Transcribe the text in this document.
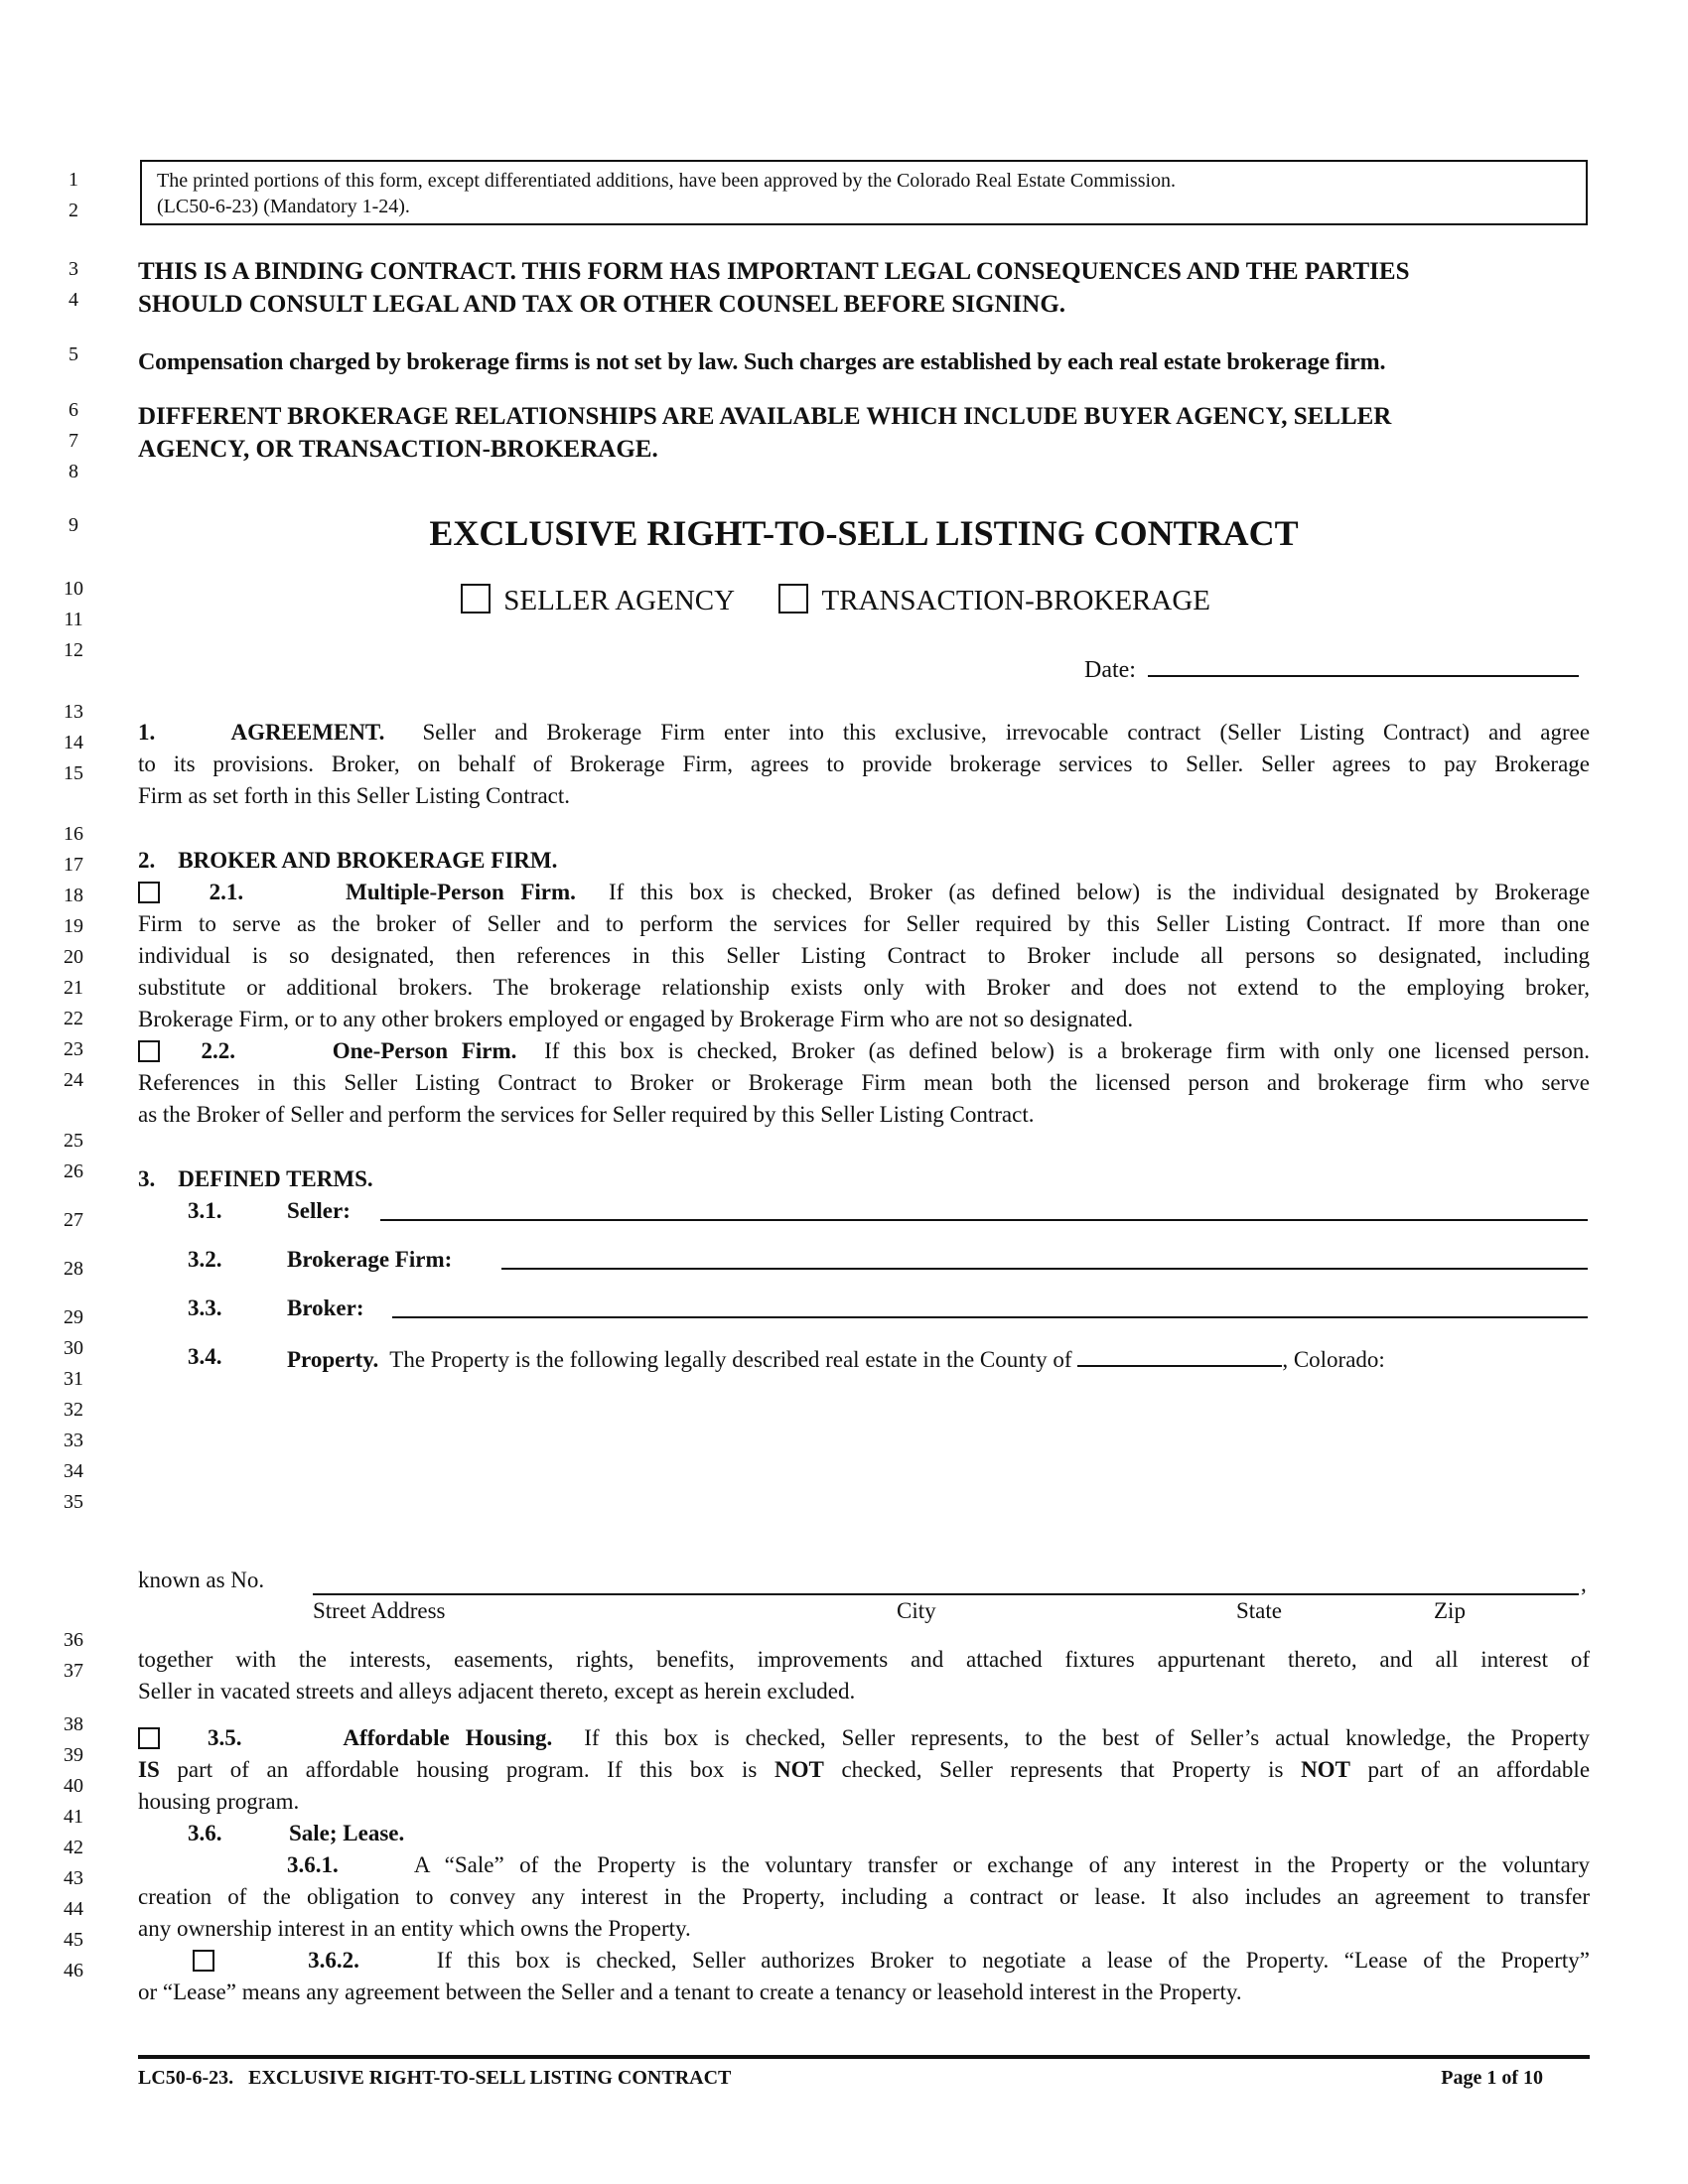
1
2
3
4
5
6
7
8
9
10
11
12
13
14
15
16
17
18
19
20
21
22
23
24
25
26
27
28
29
30
31
32
33
34
35
36
37
38
39
40
41
42
43
44
45
46
The printed portions of this form, except differentiated additions, have been approved by the Colorado Real Estate Commission.
(LC50-6-23) (Mandatory 1-24).
THIS IS A BINDING CONTRACT. THIS FORM HAS IMPORTANT LEGAL CONSEQUENCES AND THE PARTIES
SHOULD CONSULT LEGAL AND TAX OR OTHER COUNSEL BEFORE SIGNING.
Compensation charged by brokerage firms is not set by law. Such charges are established by each real estate brokerage firm.
DIFFERENT BROKERAGE RELATIONSHIPS ARE AVAILABLE WHICH INCLUDE BUYER AGENCY, SELLER
AGENCY, OR TRANSACTION-BROKERAGE.
EXCLUSIVE RIGHT-TO-SELL LISTING CONTRACT
SELLER AGENCY	TRANSACTION-BROKERAGE
Date:
1.	AGREEMENT. Seller and Brokerage Firm enter into this exclusive, irrevocable contract (Seller Listing Contract) and agree
to its provisions. Broker, on behalf of Brokerage Firm, agrees to provide brokerage services to Seller. Seller agrees to pay Brokerage
Firm as set forth in this Seller Listing Contract.
2.    BROKER AND BROKERAGE FIRM.
2.1.	Multiple-Person Firm. If this box is checked, Broker (as defined below) is the individual designated by Brokerage
Firm to serve as the broker of Seller and to perform the services for Seller required by this Seller Listing Contract. If more than one
individual is so designated, then references in this Seller Listing Contract to Broker include all persons so designated, including
substitute or additional brokers. The brokerage relationship exists only with Broker and does not extend to the employing broker,
Brokerage Firm, or to any other brokers employed or engaged by Brokerage Firm who are not so designated.
2.2.	One-Person Firm. If this box is checked, Broker (as defined below) is a brokerage firm with only one licensed person.
References in this Seller Listing Contract to Broker or Brokerage Firm mean both the licensed person and brokerage firm who serve
as the Broker of Seller and perform the services for Seller required by this Seller Listing Contract.
3.    DEFINED TERMS.
3.1.	Seller:
3.2.	Brokerage Firm:
3.3.	Broker:
3.4.	Property. The Property is the following legally described real estate in the County of	, Colorado:
known as No.	,
Street Address	City	State	Zip
together with the interests, easements, rights, benefits, improvements and attached fixtures appurtenant thereto, and all interest of
Seller in vacated streets and alleys adjacent thereto, except as herein excluded.
3.5.	Affordable Housing. If this box is checked, Seller represents, to the best of Seller’s actual knowledge, the Property
IS part of an affordable housing program. If this box is NOT checked, Seller represents that Property is NOT part of an affordable
housing program.
3.6.	Sale; Lease.
3.6.1.	A “Sale” of the Property is the voluntary transfer or exchange of any interest in the Property or the voluntary
creation of the obligation to convey any interest in the Property, including a contract or lease. It also includes an agreement to transfer
any ownership interest in an entity which owns the Property.
3.6.2.	If this box is checked, Seller authorizes Broker to negotiate a lease of the Property. “Lease of the Property”
or “Lease” means any agreement between the Seller and a tenant to create a tenancy or leasehold interest in the Property.
LC50-6-23.   EXCLUSIVE RIGHT-TO-SELL LISTING CONTRACT	Page 1 of 10
